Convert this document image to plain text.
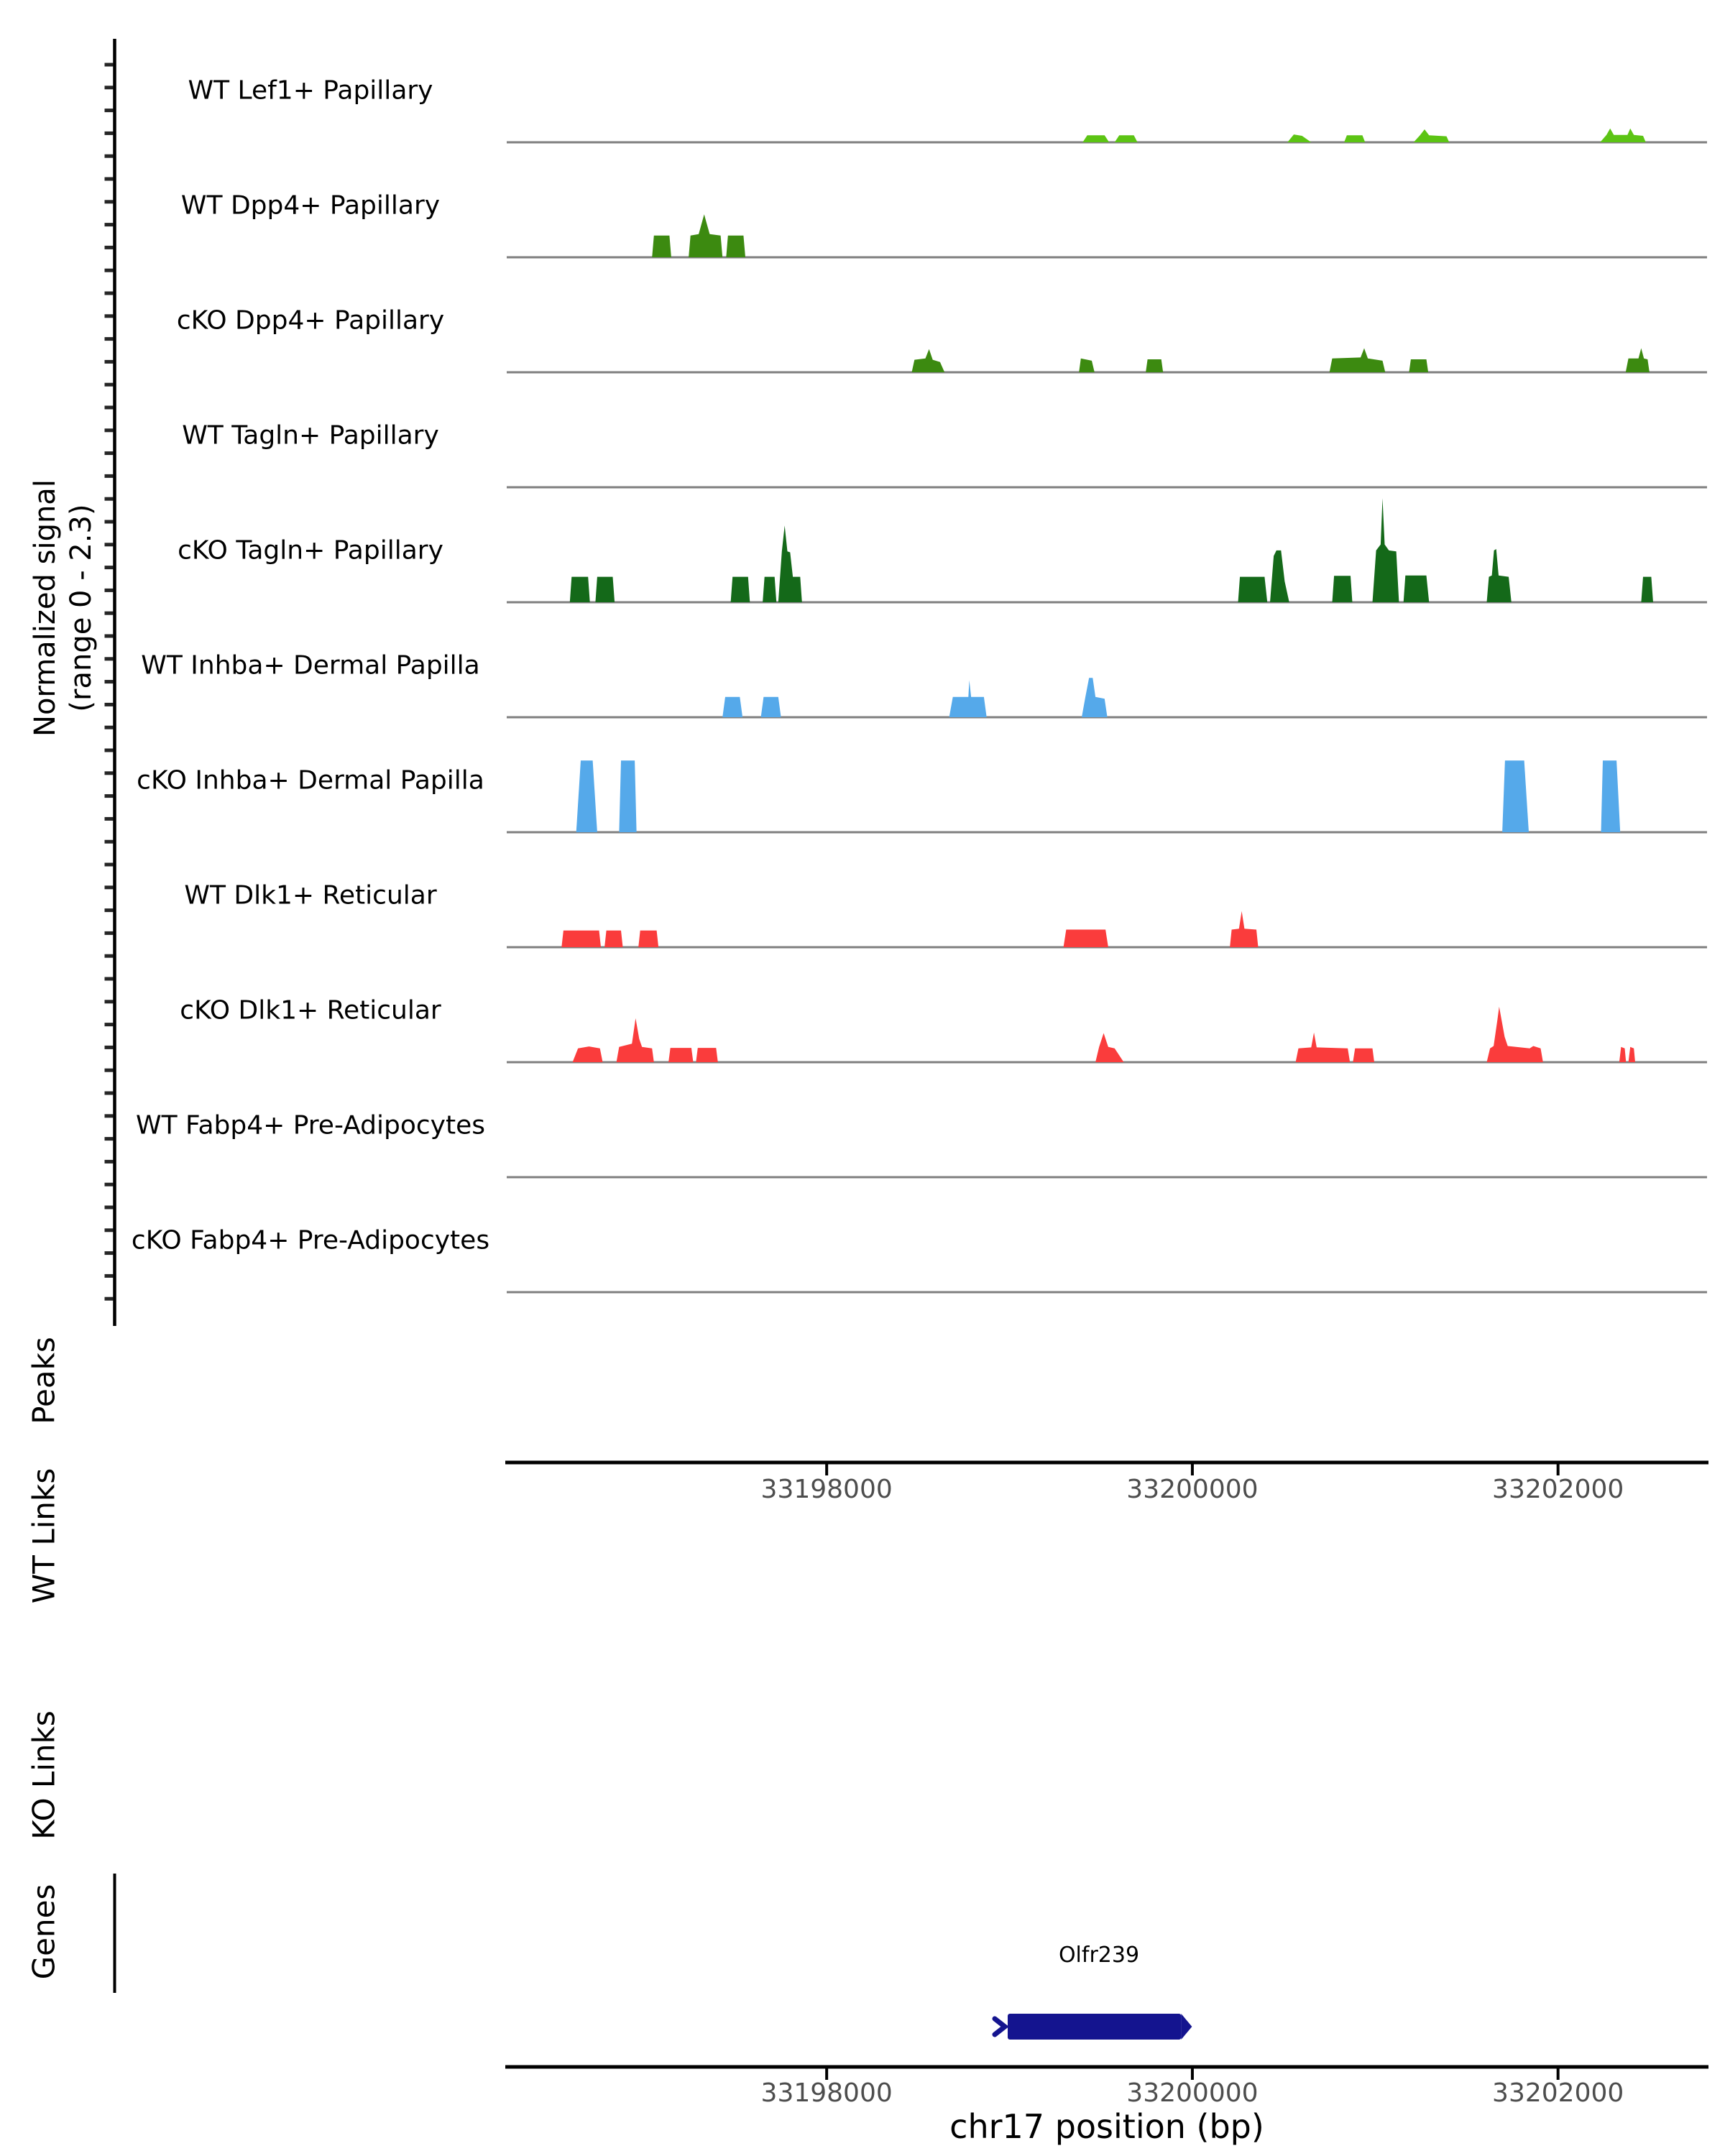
Normalized signal (range 0 - 2.3)
Peaks
WT Links
KO Links
Genes
WT Lef1+ Papillary
WT Dpp4+ Papillary
cKO Dpp4+ Papillary
WT Tagln+ Papillary
cKO Tagln+ Papillary
WT Inhba+ Dermal Papilla
cKO Inhba+ Dermal Papilla
WT Dlk1+ Reticular
cKO Dlk1+ Reticular
WT Fabp4+ Pre-Adipocytes
cKO Fabp4+ Pre-Adipocytes
33198000	33200000	33202000
33198000	33200000	33202000
chr17 position (bp)
Olfr239
